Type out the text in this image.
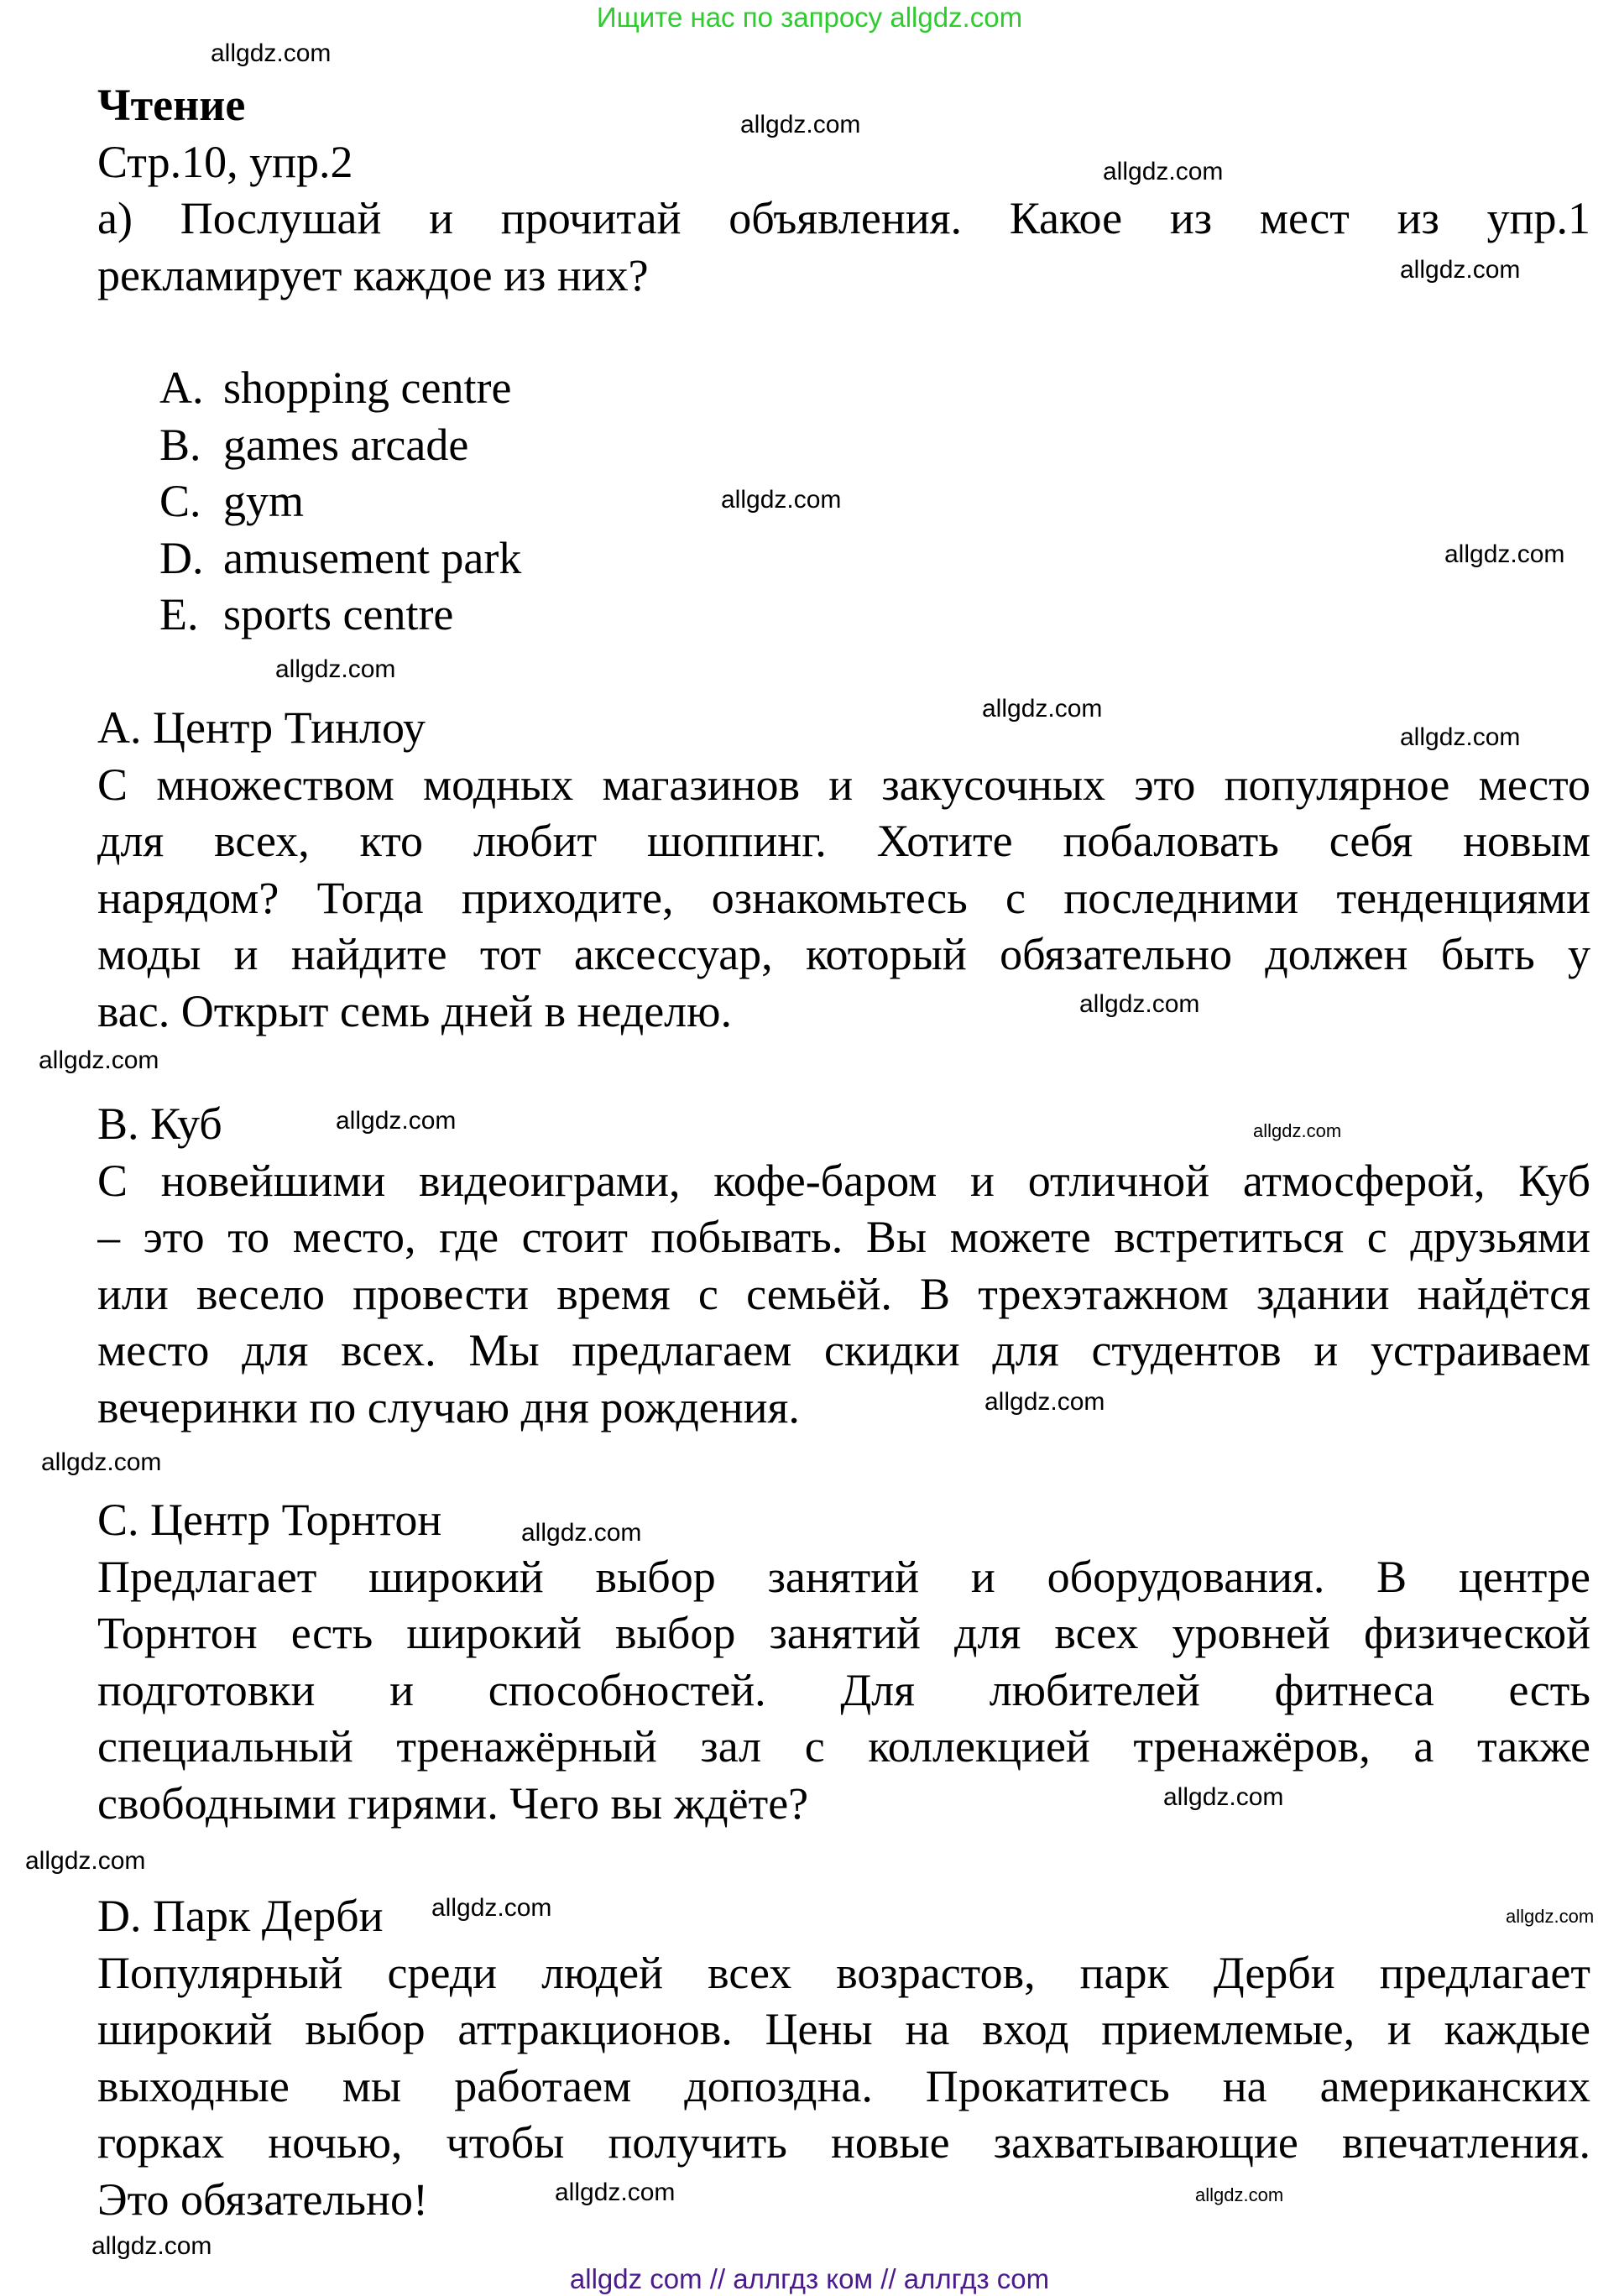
Ищите нас по запросу allgdz.com
Чтение
Стр.10, упр.2
а) Послушай и прочитай объявления. Какое из мест из упр.1
рекламирует каждое из них?
A. shopping centre
B. games arcade
C. gym
D. amusement park
E. sports centre
A. Центр Тинлоу
С множеством модных магазинов и закусочных это популярное место
для всех, кто любит шоппинг. Хотите побаловать себя новым
нарядом? Тогда приходите, ознакомьтесь с последними тенденциями
моды и найдите тот аксессуар, который обязательно должен быть у
вас. Открыт семь дней в неделю.
B. Куб
С новейшими видеоиграми, кофе-баром и отличной атмосферой, Куб
– это то место, где стоит побывать. Вы можете встретиться с друзьями
или весело провести время с семьёй. В трехэтажном здании найдётся
место для всех. Мы предлагаем скидки для студентов и устраиваем
вечеринки по случаю дня рождения.
C. Центр Торнтон
Предлагает широкий выбор занятий и оборудования. В центре
Торнтон есть широкий выбор занятий для всех уровней физической
подготовки и способностей. Для любителей фитнеса есть
специальный тренажёрный зал с коллекцией тренажёров, а также
свободными гирями. Чего вы ждёте?
D. Парк Дерби
Популярный среди людей всех возрастов, парк Дерби предлагает
широкий выбор аттракционов. Цены на вход приемлемые, и каждые
выходные мы работаем допоздна. Прокатитесь на американских
горках ночью, чтобы получить новые захватывающие впечатления.
Это обязательно!
allgdz.com
allgdz.com
allgdz.com
allgdz.com
allgdz.com
allgdz.com
allgdz.com
allgdz.com
allgdz.com
allgdz.com
allgdz.com
allgdz.com	allgdz.com
allgdz.com
allgdz.com
allgdz.com
allgdz.com
allgdz.com
allgdz.com	allgdz.com
allgdz.com
allgdz.com
allgdz.com
allgdz com // аллгдз ком // аллгдз com
